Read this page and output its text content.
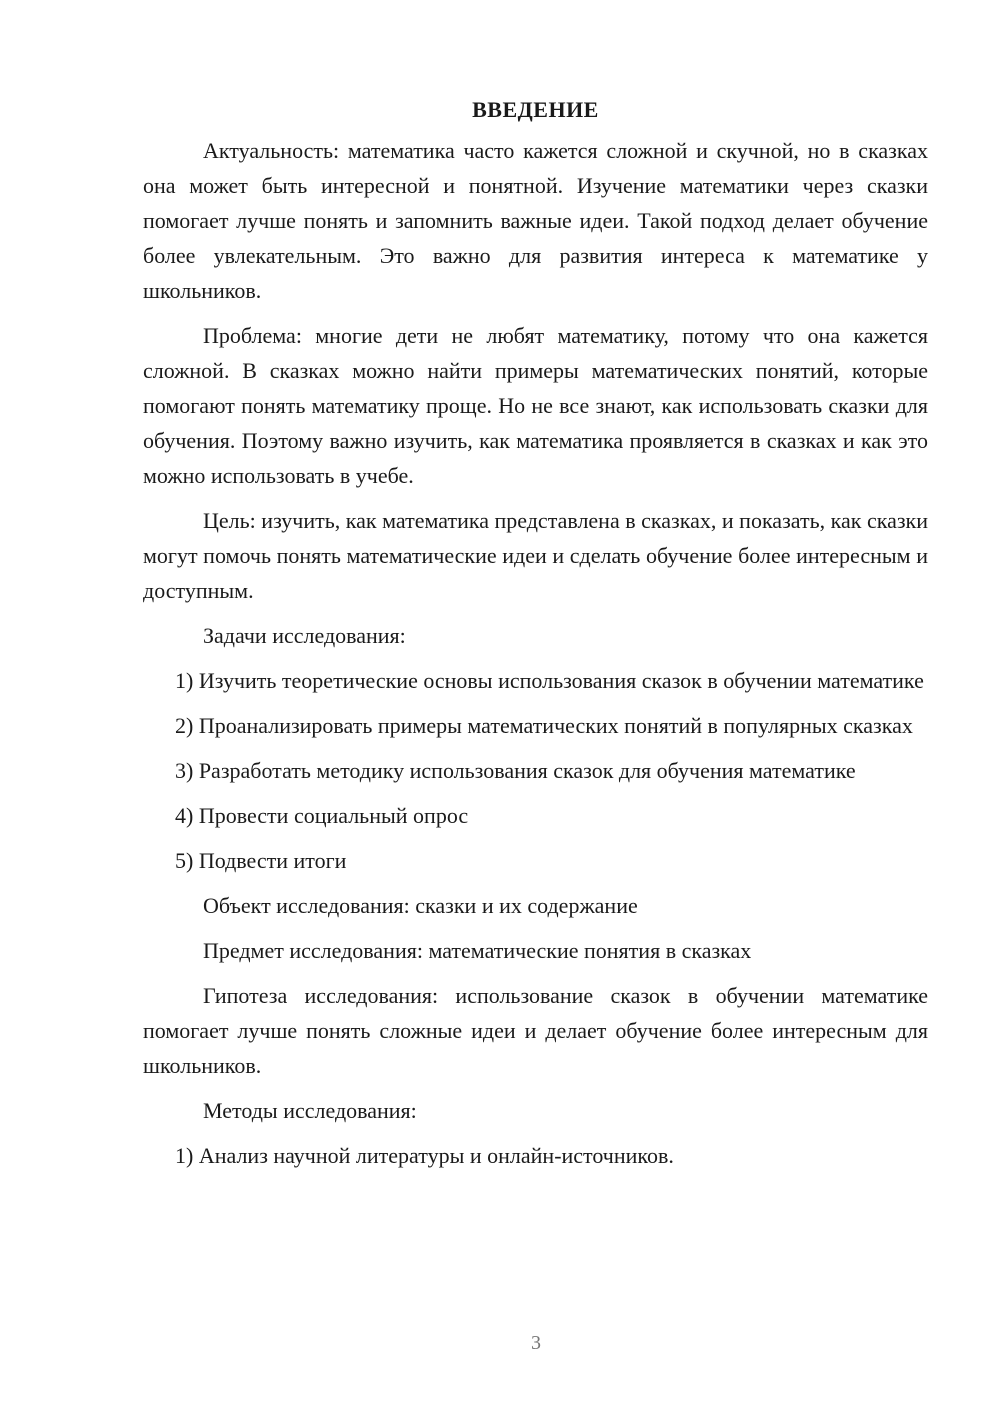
ВВЕДЕНИЕ

Актуальность: математика часто кажется сложной и скучной, но в сказках она может быть интересной и понятной. Изучение математики через сказки помогает лучше понять и запомнить важные идеи. Такой подход делает обучение более увлекательным. Это важно для развития интереса к математике у школьников.

Проблема: многие дети не любят математику, потому что она кажется сложной. В сказках можно найти примеры математических понятий, которые помогают понять математику проще. Но не все знают, как использовать сказки для обучения. Поэтому важно изучить, как математика проявляется в сказках и как это можно использовать в учебе.

Цель: изучить, как математика представлена в сказках, и показать, как сказки могут помочь понять математические идеи и сделать обучение более интересным и доступным.

Задачи исследования:

1) Изучить теоретические основы использования сказок в обучении математике

2) Проанализировать примеры математических понятий в популярных сказках

3) Разработать методику использования сказок для обучения математике

4) Провести социальный опрос

5) Подвести итоги

Объект исследования: сказки и их содержание

Предмет исследования: математические понятия в сказках

Гипотеза исследования: использование сказок в обучении математике помогает лучше понять сложные идеи и делает обучение более интересным для школьников.

Методы исследования:

1) Анализ научной литературы и онлайн-источников.

3
